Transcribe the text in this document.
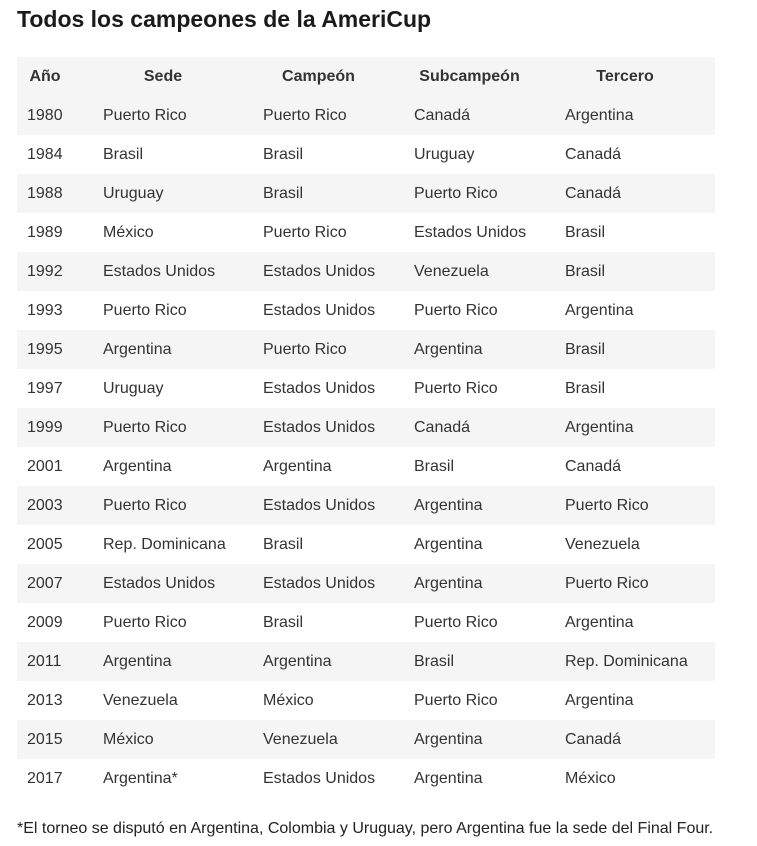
Todos los campeones de la AmeriCup
Año	Sede	Campeón	Subcampeón	Tercero
1980	Puerto Rico	Puerto Rico	Canadá	Argentina
1984	Brasil	Brasil	Uruguay	Canadá
1988	Uruguay	Brasil	Puerto Rico	Canadá
1989	México	Puerto Rico	Estados Unidos	Brasil
1992	Estados Unidos	Estados Unidos	Venezuela	Brasil
1993	Puerto Rico	Estados Unidos	Puerto Rico	Argentina
1995	Argentina	Puerto Rico	Argentina	Brasil
1997	Uruguay	Estados Unidos	Puerto Rico	Brasil
1999	Puerto Rico	Estados Unidos	Canadá	Argentina
2001	Argentina	Argentina	Brasil	Canadá
2003	Puerto Rico	Estados Unidos	Argentina	Puerto Rico
2005	Rep. Dominicana	Brasil	Argentina	Venezuela
2007	Estados Unidos	Estados Unidos	Argentina	Puerto Rico
2009	Puerto Rico	Brasil	Puerto Rico	Argentina
2011	Argentina	Argentina	Brasil	Rep. Dominicana
2013	Venezuela	México	Puerto Rico	Argentina
2015	México	Venezuela	Argentina	Canadá
2017	Argentina*	Estados Unidos	Argentina	México
*El torneo se disputó en Argentina, Colombia y Uruguay, pero Argentina fue la sede del Final Four.
